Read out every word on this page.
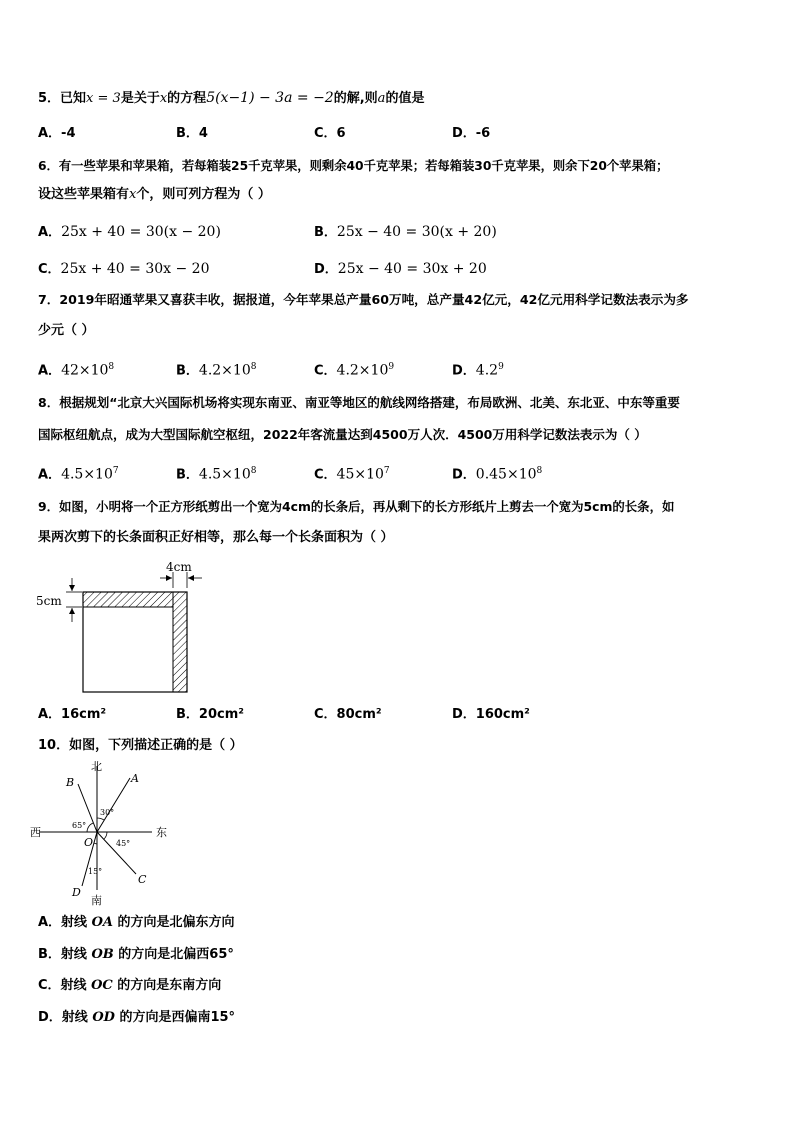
5．已知x = 3是关于x的方程5(x−1) − 3a = −2的解,则a的值是
A．-4	B．4	C．6	D．-6
6．有一些苹果和苹果箱，若每箱装25千克苹果，则剩余40千克苹果；若每箱装30千克苹果，则余下20个苹果箱；
设这些苹果箱有x个，则可列方程为（ ）
A．25x + 40 = 30(x − 20)	B．25x − 40 = 30(x + 20)
C．25x + 40 = 30x − 20	D．25x − 40 = 30x + 20
7．2019年昭通苹果又喜获丰收，据报道，今年苹果总产量60万吨，总产量42亿元，42亿元用科学记数法表示为多
少元（ ）
A．$42\times 10^8$	B．$4.2\times 10^8$	C．$4.2\times 10^9$	D．$4.2^9$
8．根据规划“北京大兴国际机场将实现东南亚、南亚等地区的航线网络搭建，布局欧洲、北美、东北亚、中东等重要
国际枢纽航点，成为大型国际航空枢纽，2022年客流量达到4500万人次．4500万用科学记数法表示为（ ）
A．$4.5\times 10^7$	B．$4.5\times 10^8$	C．$45\times 10^7$	D．$0.45\times 10^8$
9．如图，小明将一个正方形纸剪出一个宽为4cm的长条后，再从剩下的长方形纸片上剪去一个宽为5cm的长条，如
果两次剪下的长条面积正好相等，那么每一个长条面积为（ ）
4cm
5cm
A．16cm²	B．20cm²	C．80cm²	D．160cm²
10．如图，下列描述正确的是（ ）
北
南
东
西
A
B
C
D
O
30°
65°
45°
15°
A．射线 OA 的方向是北偏东方向
B．射线 OB 的方向是北偏西65°
C．射线 OC 的方向是东南方向
D．射线 OD 的方向是西偏南15°
